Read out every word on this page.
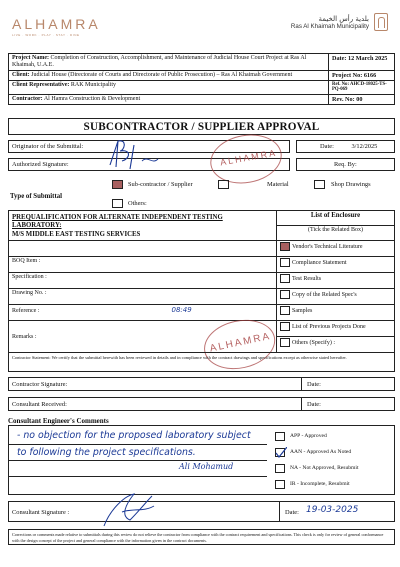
ALHAMRA
LIVE · WORK · PLAY · STAY · DINE
بلدية رأس الخيمة
Ras Al Khaimah Municipality
Project Name: Completion of Construction, Accomplishment, and Maintenance of Judicial House Court Project at Ras Al Khaimah, U.A.E.	Date: 12 March 2025
Client: Judicial House (Directorate of Courts and Directorate of Public Prosecution) – Ras Al Khaimah Government	Project No: 6166
Client Representative: RAK Municipality	Ref. No: AHCD-18025-TS-PQ-069
Contractor: Al Hamra Construction & Development	Rev. No: 00
SUBCONTRACTOR / SUPPLIER APPROVAL
Originator of the Submittal:	Date:	3/12/2025
Authorized Signature:	Req. By:
ALHAMRA
Type of Submittal
Sub-contractor / Supplier	Material	Shop Drawings
Others:
PREQUALIFICATION FOR ALTERNATE INDEPENDENT TESTING LABORATORY:
M/S MIDDLE EAST TESTING SERVICES	List of Enclosure
	(Tick the Related Box)

	Vendor's Technical Literature

BOQ Item :	Compliance Statement

Specification :	Test Results

Drawing No. :	Copy of the Related Spec's

Reference : 08:49	Samples

Remarks :	List of Previous Projects Done

	Others (Specify) :
ALHAMRA
Contractor Statement: We certify that the submittal herewith has been reviewed in details and in compliance with the contract drawings and specifications except as otherwise stated hereafter.
Contractor Signature:	Date:
Consultant Received:	Date:
Consultant Engineer's Comments
- no objection for the proposed laboratory subject
to following the project specifications.
Ali Mohamud
APP - Approved
AAN - Approved As Noted
NA - Not Approved, Resubmit
IR - Incomplete, Resubmit
Consultant Signature :	Date: 19-03-2025
Corrections or comments made relative to submittals during this review do not relieve the contractor from compliance with the contract requirement and specifications. This check is only for review of general conformance with the design concept of the project and general compliance with the information given in the contract documents.
